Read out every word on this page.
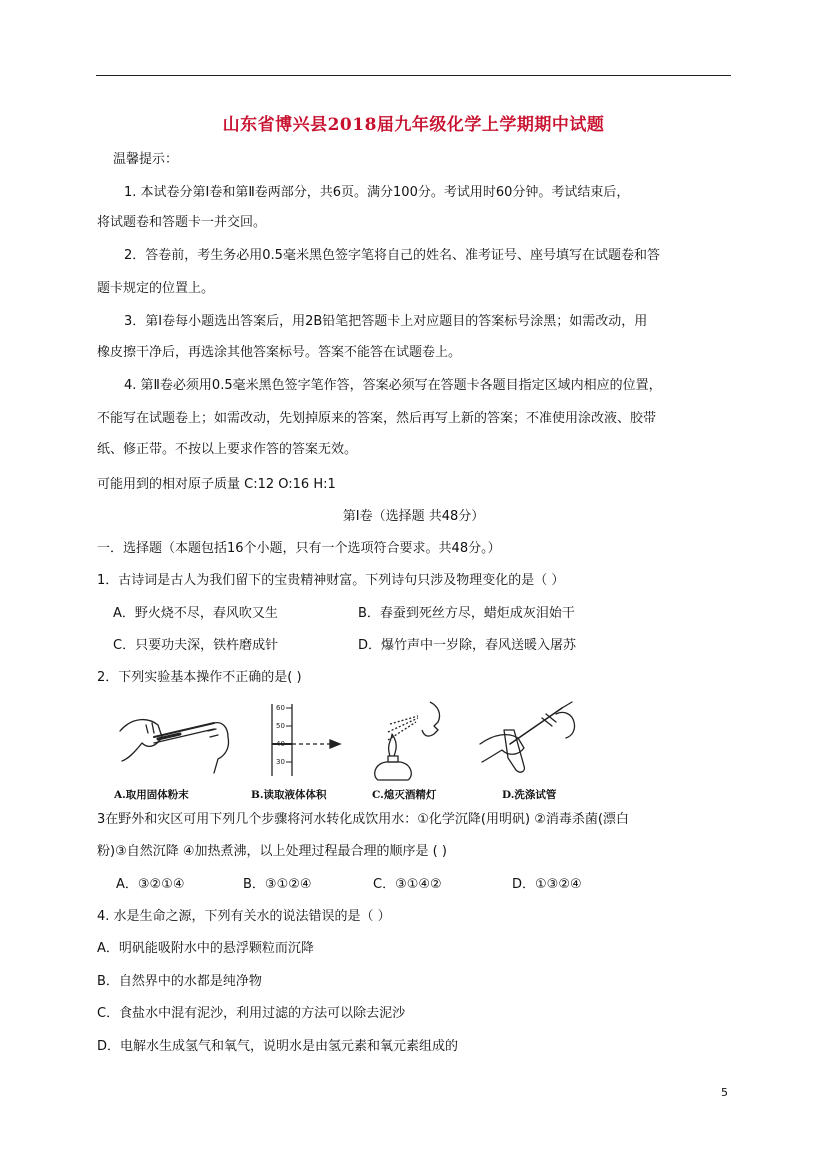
山东省博兴县2018届九年级化学上学期期中试题
温馨提示：
1. 本试卷分第Ⅰ卷和第Ⅱ卷两部分，共6页。满分100分。考试用时60分钟。考试结束后，
将试题卷和答题卡一并交回。
2．答卷前，考生务必用0.5毫米黑色签字笔将自己的姓名、准考证号、座号填写在试题卷和答
题卡规定的位置上。
3．第Ⅰ卷每小题选出答案后，用2B铅笔把答题卡上对应题目的答案标号涂黑；如需改动，用
橡皮擦干净后，再选涂其他答案标号。答案不能答在试题卷上。
4. 第Ⅱ卷必须用0.5毫米黑色签字笔作答，答案必须写在答题卡各题目指定区域内相应的位置，
不能写在试题卷上；如需改动，先划掉原来的答案，然后再写上新的答案；不准使用涂改液、胶带
纸、修正带。不按以上要求作答的答案无效。
可能用到的相对原子质量 C:12 O:16 H:1
第Ⅰ卷（选择题 共48分）
一．选择题（本题包括16个小题，只有一个选项符合要求。共48分。）
1．古诗词是古人为我们留下的宝贵精神财富。下列诗句只涉及物理变化的是（ ）
A．野火烧不尽，春风吹又生	B．春蚕到死丝方尽，蜡炬成灰泪始干
C．只要功夫深，铁杵磨成针	D．爆竹声中一岁除，春风送暖入屠苏
2．下列实验基本操作不正确的是( )
60
50
40
30
A.取用固体粉末	B.读取液体体积	C.熄灭酒精灯	D.洗涤试管
3在野外和灾区可用下列几个步骤将河水转化成饮用水：①化学沉降(用明矾) ②消毒杀菌(漂白
粉)③自然沉降 ④加热煮沸，以上处理过程最合理的顺序是 ( )
A．③②①④	B．③①②④	C．③①④②	D．①③②④
4. 水是生命之源，下列有关水的说法错误的是（ ）
A．明矾能吸附水中的悬浮颗粒而沉降
B．自然界中的水都是纯净物
C．食盐水中混有泥沙，利用过滤的方法可以除去泥沙
D．电解水生成氢气和氧气，说明水是由氢元素和氧元素组成的
5
